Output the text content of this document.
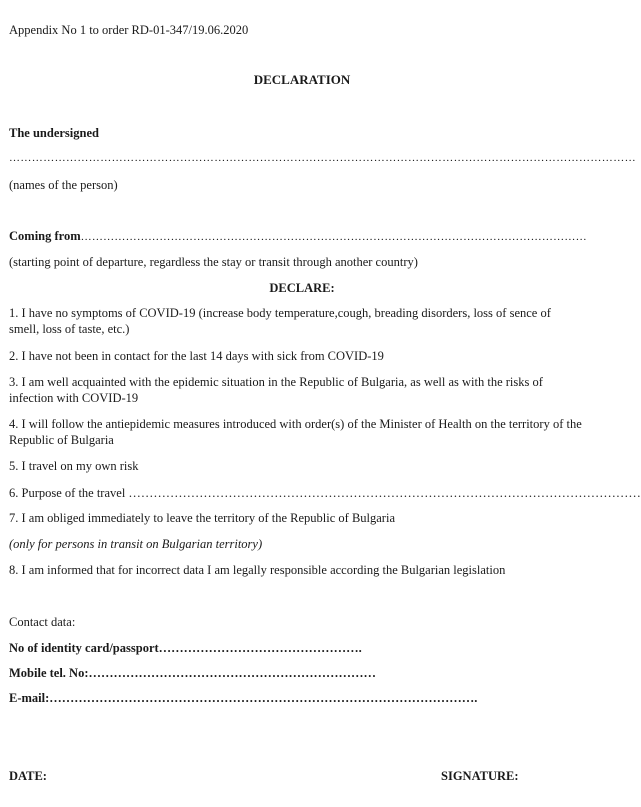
Appendix No 1 to order RD-01-347/19.06.2020
DECLARATION
The undersigned
…………………………………………………………………………………………………………………………………………………
(names of the person)
Coming from………………………………………………………………………………………………………………………
(starting point of departure, regardless the stay or transit through another country)
DECLARE:
1. I have no symptoms of COVID-19 (increase body temperature,cough, breading disorders, loss of sence of smell, loss of taste, etc.)
2. I have not been in contact for the last 14 days with sick from COVID-19
3. I am well acquainted with the epidemic situation in the Republic of Bulgaria, as well as with the risks of infection with COVID-19
4. I will follow the antiepidemic measures introduced with order(s) of the Minister of Health on the territory of the Republic of Bulgaria
5. I travel on my own risk
6. Purpose of the travel ……………………………………………………………………………………………………………
7. I am obliged immediately to leave the territory of the Republic of Bulgaria
(only for persons in transit on Bulgarian territory)
8. I am informed that for incorrect data I am legally responsible according the Bulgarian legislation
Contact data:
No of identity card/passport………………………………………….
Mobile tel. No:……………………………………………………………
E-mail:………………………………………………………………………………………….
DATE:	SIGNATURE:
